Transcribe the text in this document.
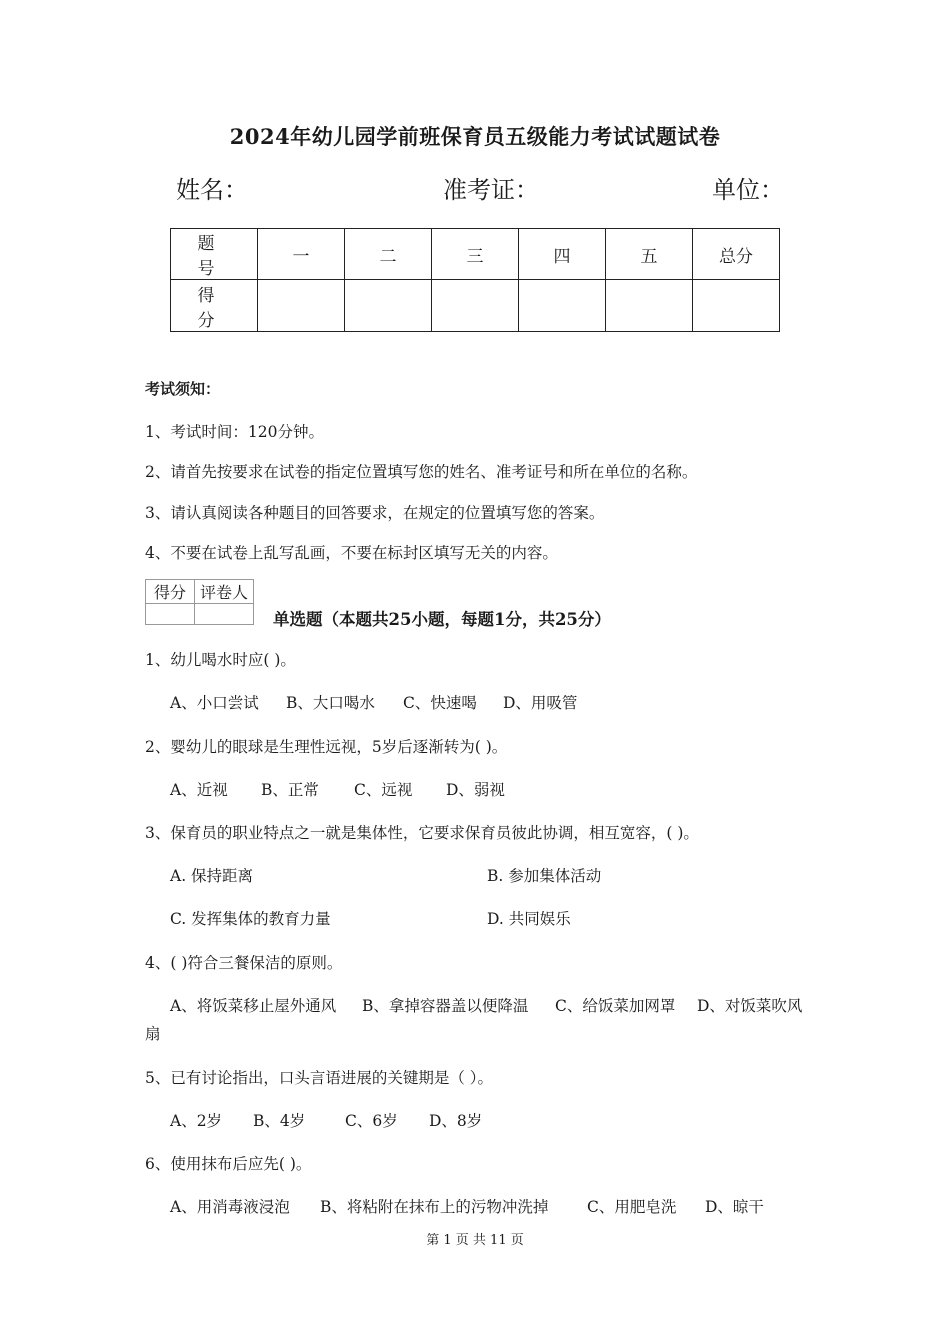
2024年幼儿园学前班保育员五级能力考试试题试卷
姓名：	准考证：	单位：
题 号	一	二	三	四	五	总分
得 分						
考试须知：
1、考试时间：120分钟。
2、请首先按要求在试卷的指定位置填写您的姓名、准考证号和所在单位的名称。
3、请认真阅读各种题目的回答要求，在规定的位置填写您的答案。
4、不要在试卷上乱写乱画，不要在标封区填写无关的内容。
得分	评卷人

单选题（本题共25小题，每题1分，共25分）
1、幼儿喝水时应( )。
A、小口尝试 B、大口喝水 C、快速喝 D、用吸管
2、婴幼儿的眼球是生理性远视，5岁后逐渐转为( )。
A、近视 B、正常 C、远视 D、弱视
3、保育员的职业特点之一就是集体性，它要求保育员彼此协调，相互宽容，( )。
A. 保持距离	B. 参加集体活动
C. 发挥集体的教育力量	D. 共同娱乐
4、( )符合三餐保洁的原则。
A、将饭菜移止屋外通风 B、拿掉容器盖以便降温 C、给饭菜加网罩 D、对饭菜吹风
扇
5、已有讨论指出，口头言语进展的关键期是（ ）。
A、2岁 B、4岁	C、6岁 D、8岁
6、使用抹布后应先( )。
A、用消毒液浸泡 B、将粘附在抹布上的污物冲洗掉 C、用肥皂洗 D、晾干
第 1 页 共 11 页
